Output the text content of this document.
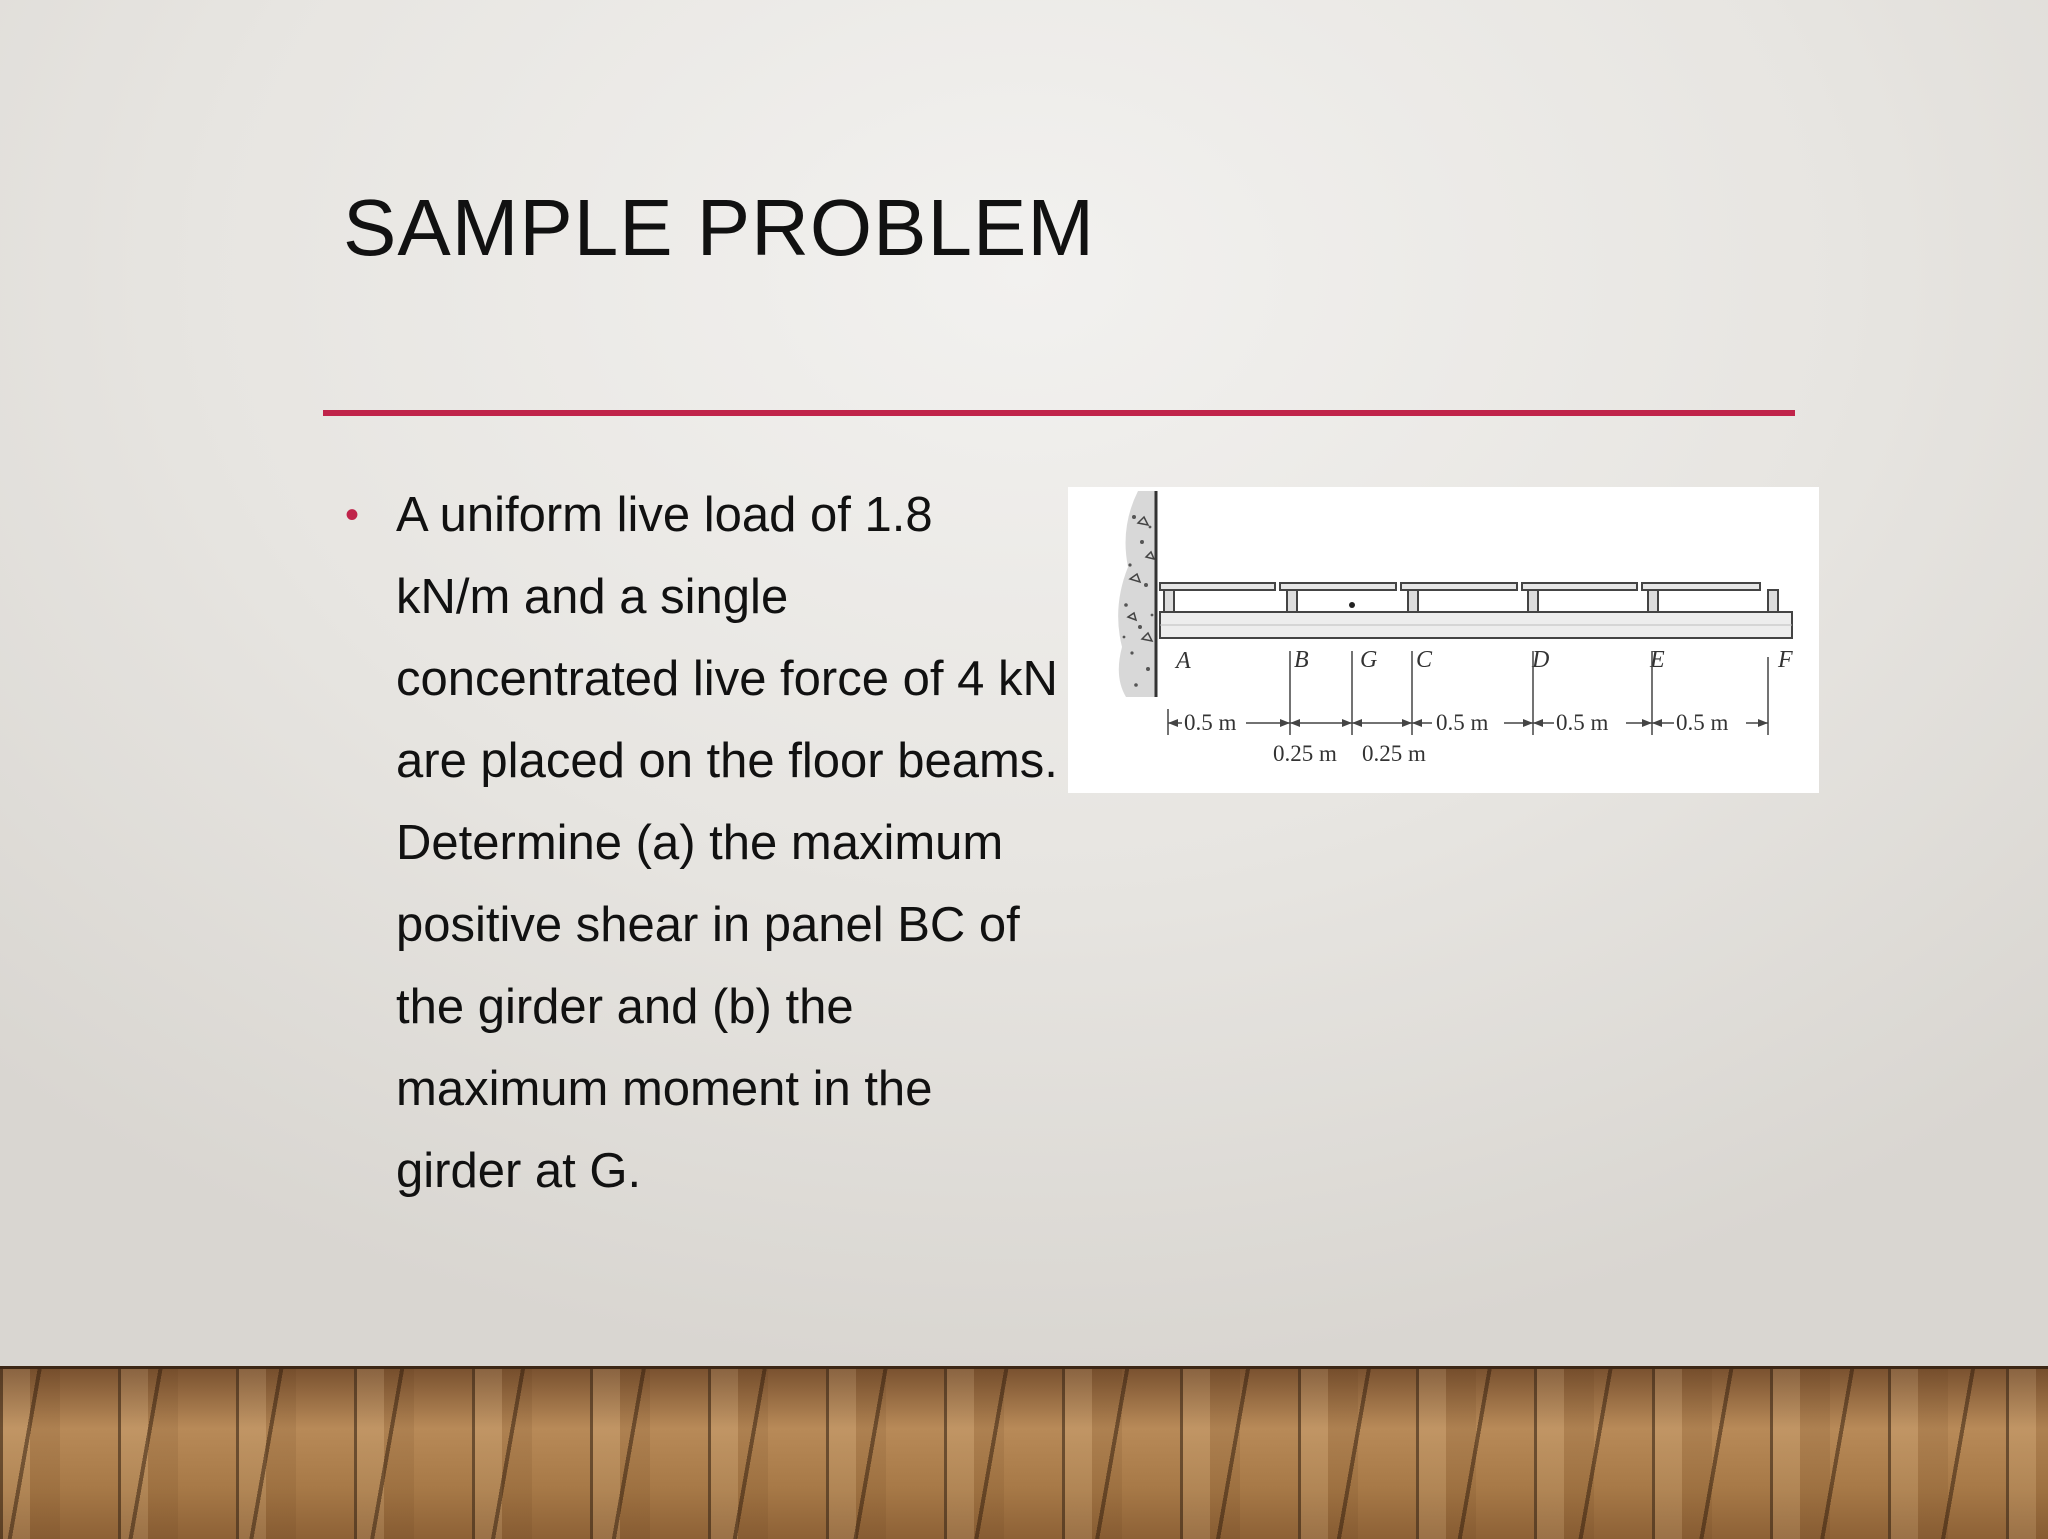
SAMPLE PROBLEM
• A uniform live load of 1.8 kN/m and a single concentrated live force of 4 kN are placed on the floor beams. Determine (a) the maximum positive shear in panel BC of the girder and (b) the maximum moment in the girder at G.
A	B G C	D	E	F
0.5 m	0.5 m	0.5 m	0.5 m
0.25 m 0.25 m
